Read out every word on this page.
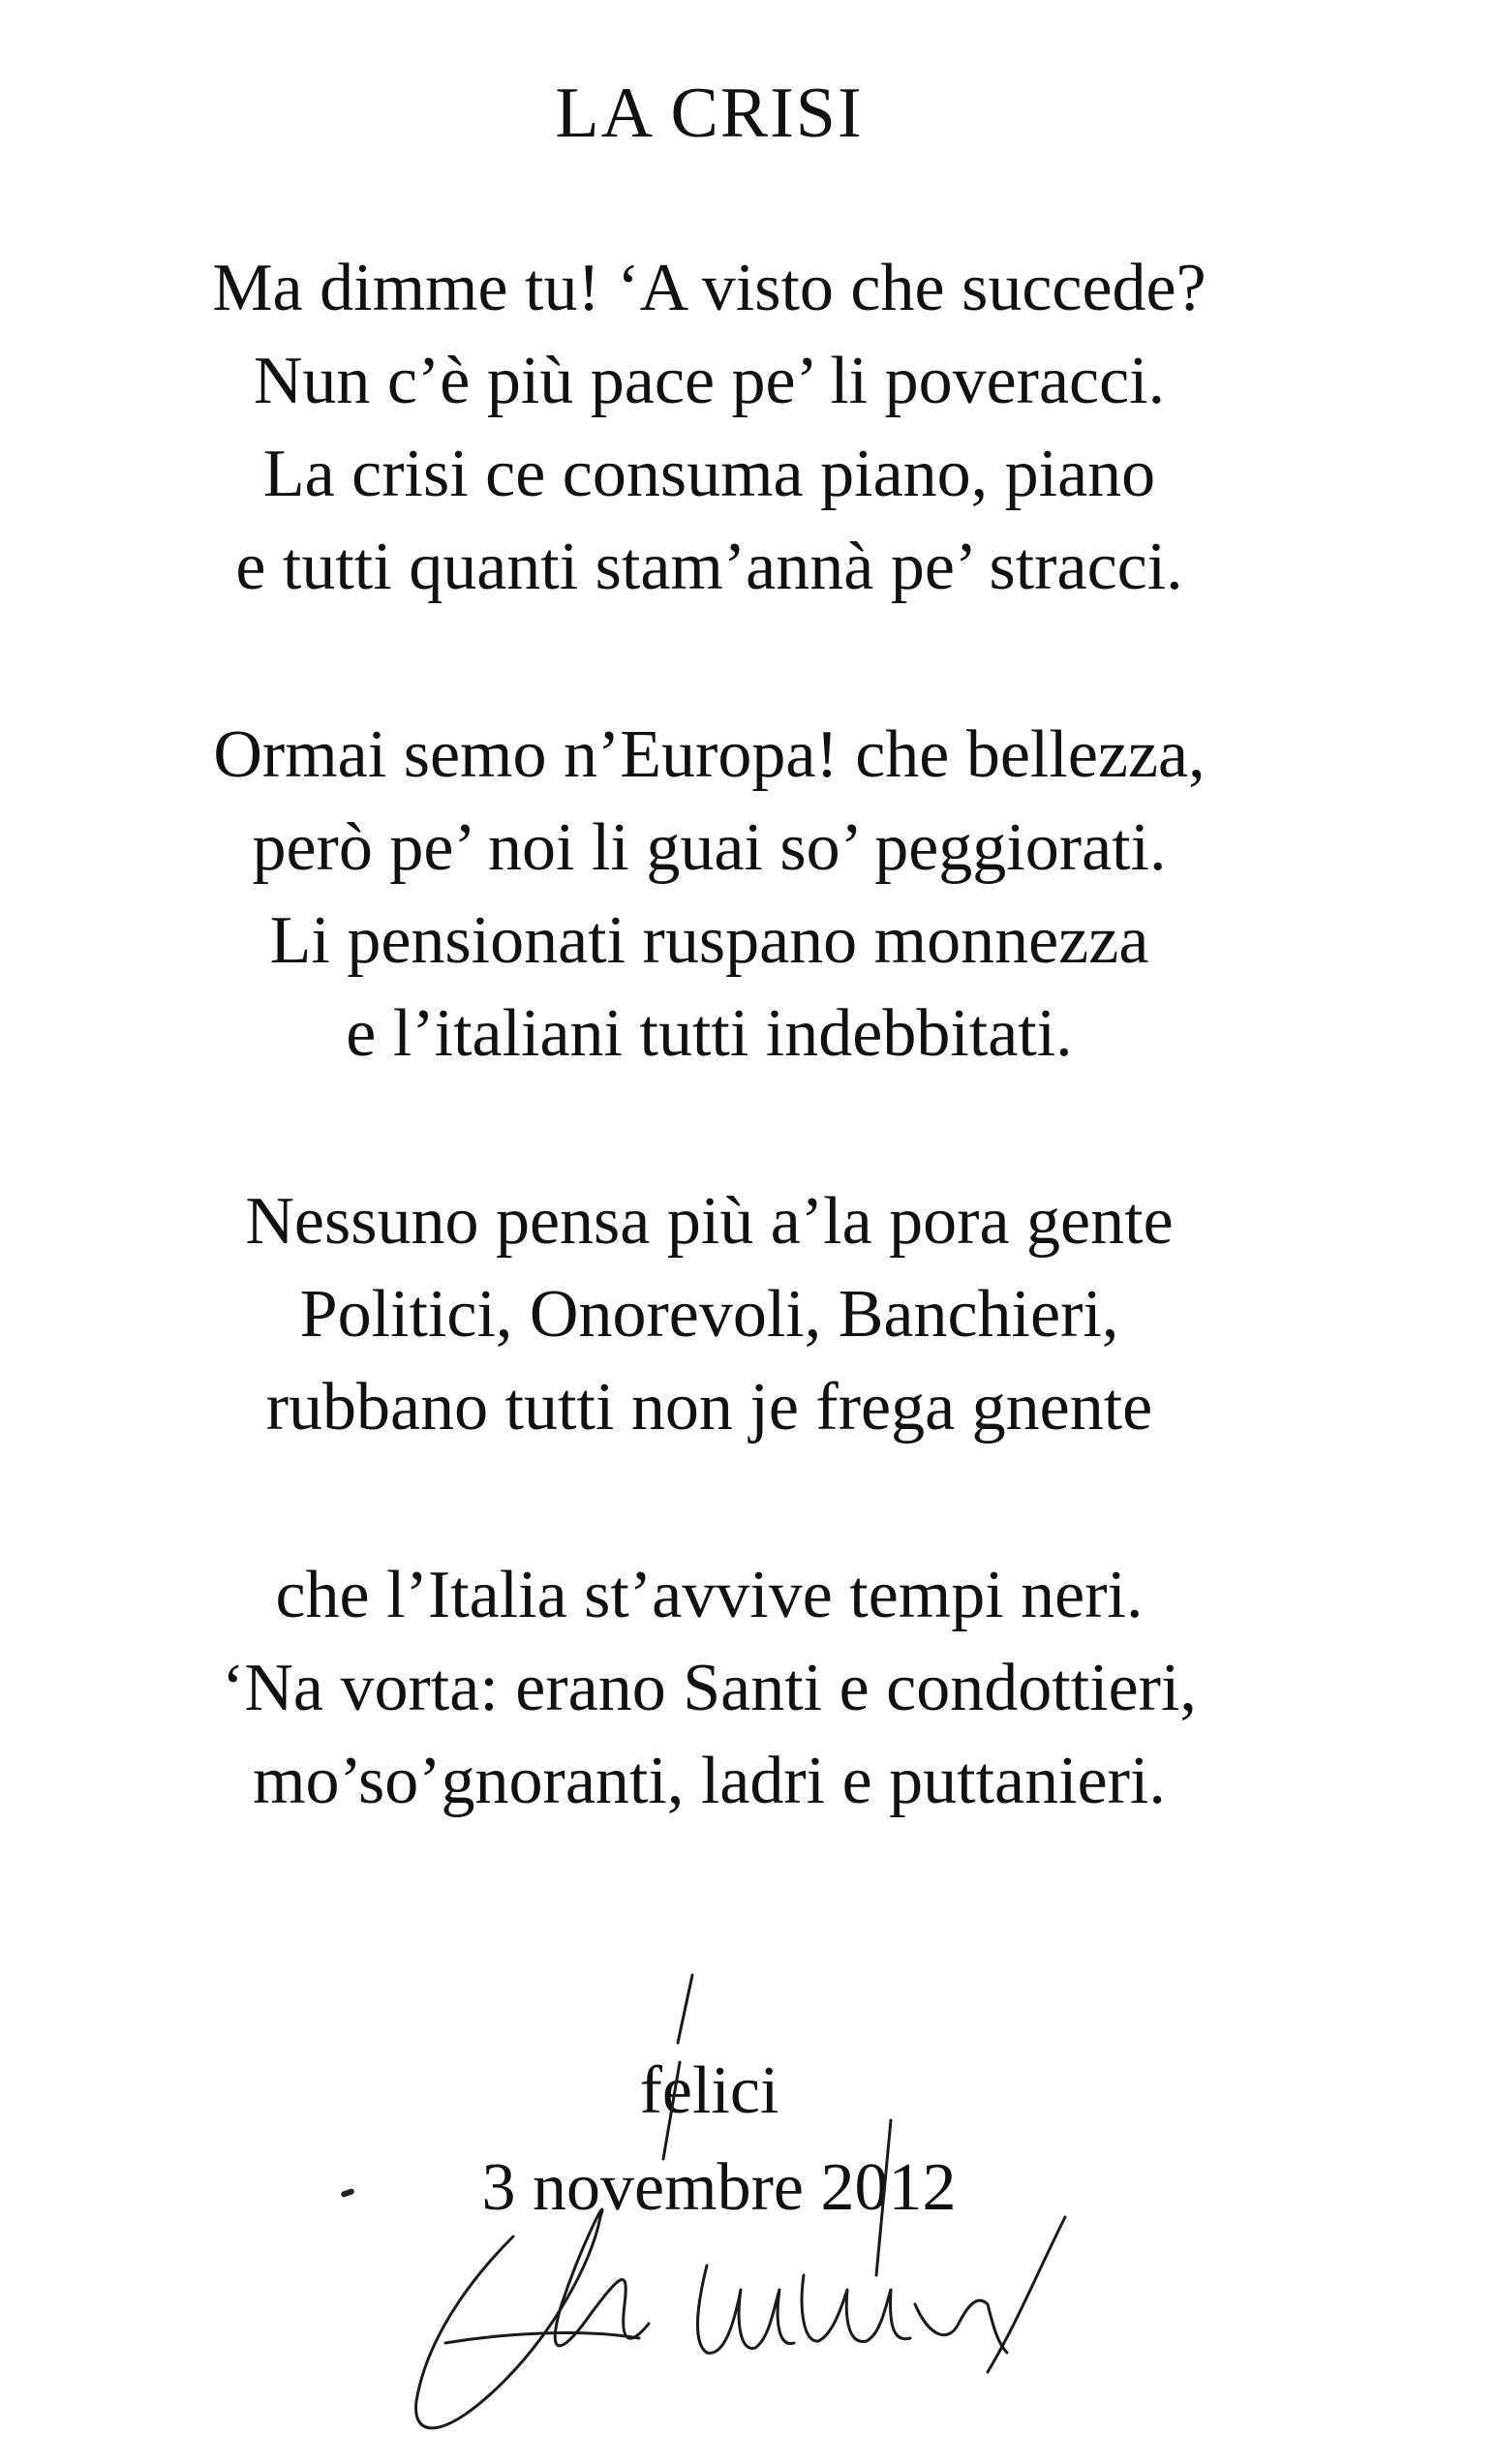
LA CRISI
Ma dimme tu! ‘A visto che succede?
Nun c’è più pace pe’ li poveracci.
La crisi ce consuma piano, piano
e tutti quanti stam’annà pe’ stracci.
Ormai semo n’Europa! che bellezza,
però pe’ noi li guai so’ peggiorati.
Li pensionati ruspano monnezza
e l’italiani tutti indebbitati.
Nessuno pensa più a’la pora gente
Politici, Onorevoli, Banchieri,
rubbano tutti non je frega gnente
che l’Italia st’avvive tempi neri.
‘Na vorta: erano Santi e condottieri,
mo’so’gnoranti, ladri e puttanieri.
felici
3 novembre 2012
